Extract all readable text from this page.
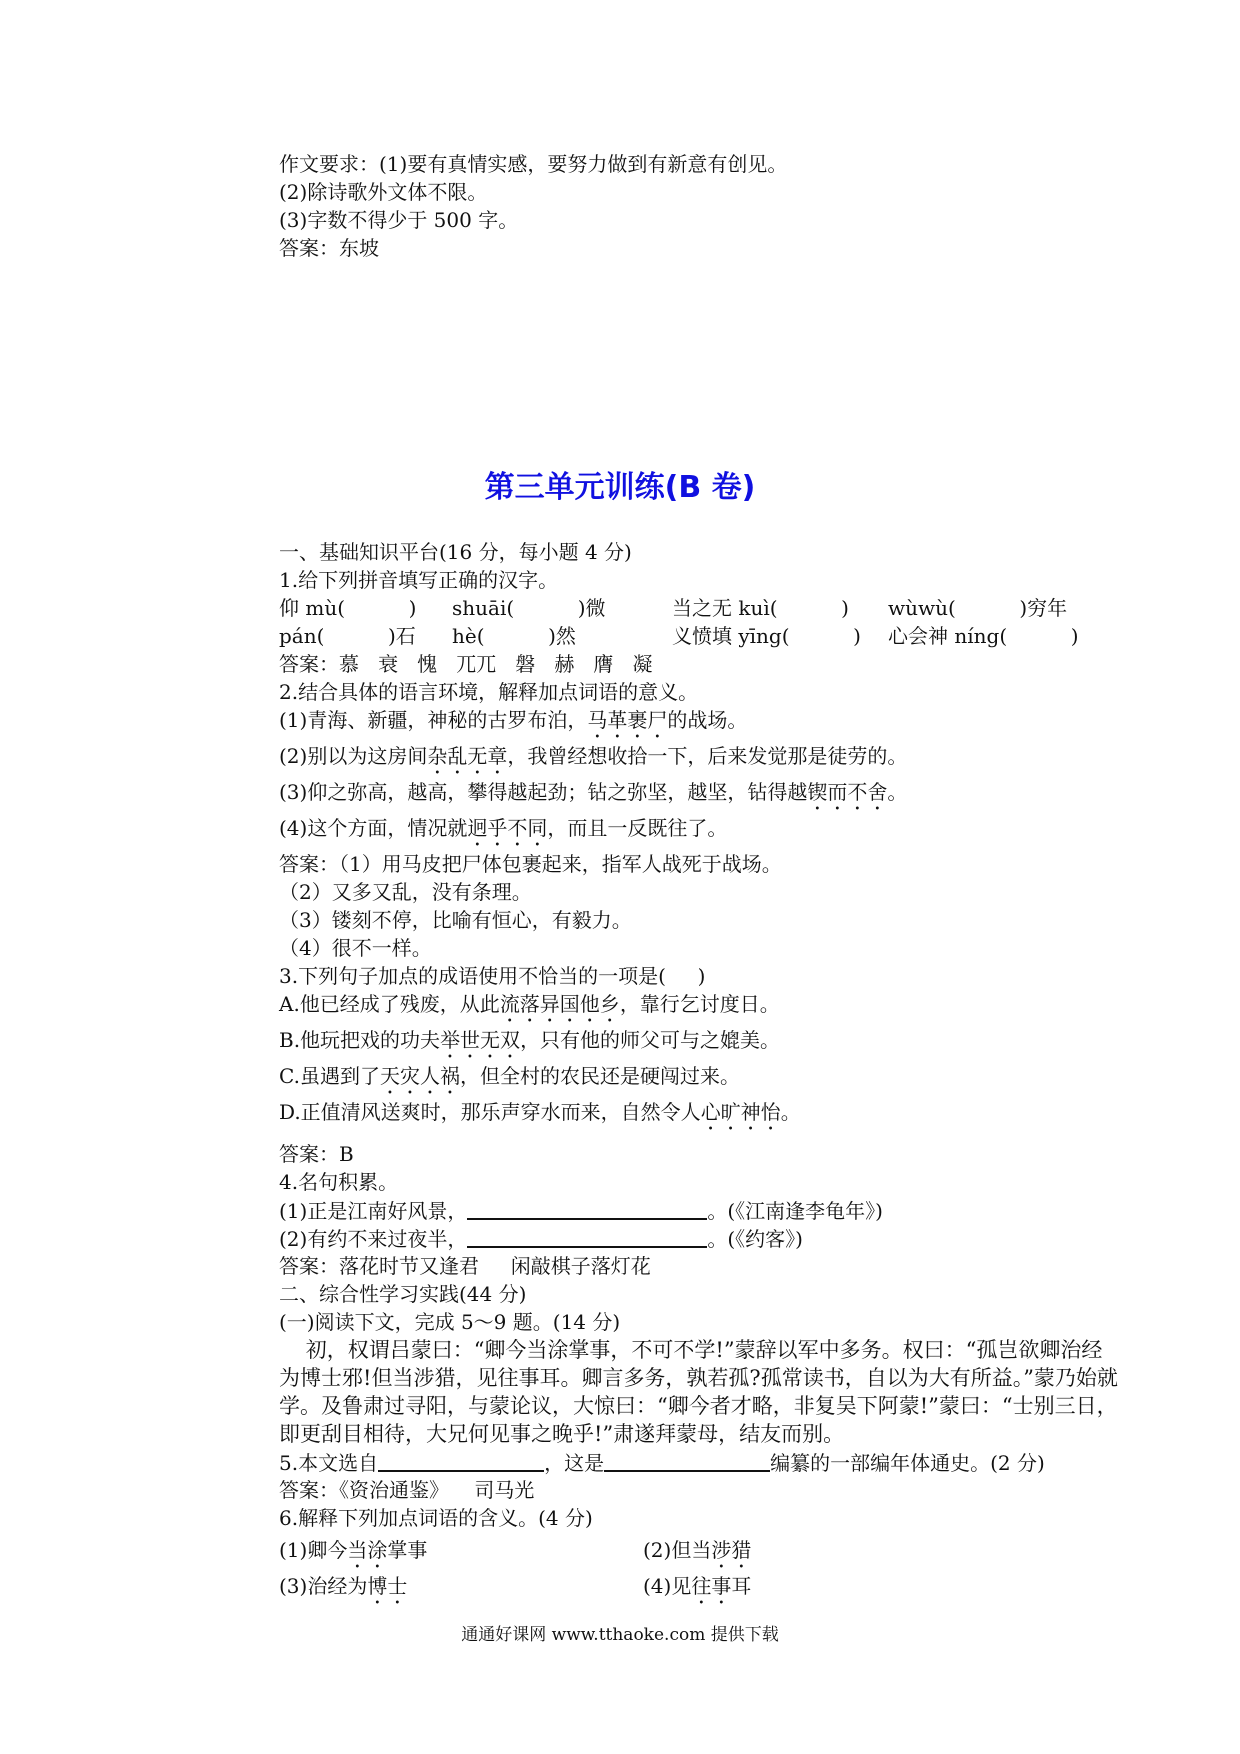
作文要求：(1)要有真情实感，要努力做到有新意有创见。
(2)除诗歌外文体不限。
(3)字数不得少于 500 字。
答案：东坡
第三单元训练(B 卷)
一、基础知识平台(16 分，每小题 4 分)
1.给下列拼音填写正确的汉字。
仰 mù(          ) shuāi(          )微	当之无 kuì(          ) wùwù(          )穷年
pán(          )石 hè(          )然	义愤填 yīng(          ) 心会神 níng(          )
答案：慕   衰   愧   兀兀   磐   赫   膺   凝
2.结合具体的语言环境，解释加点词语的意义。
(1)青海、新疆，神秘的古罗布泊，马革裹尸的战场。
(2)别以为这房间杂乱无章，我曾经想收拾一下，后来发觉那是徒劳的。
(3)仰之弥高，越高，攀得越起劲；钻之弥坚，越坚，钻得越锲而不舍。
(4)这个方面，情况就迥乎不同，而且一反既往了。
答案：（1）用马皮把尸体包裹起来，指军人战死于战场。
（2）又多又乱，没有条理。
（3）镂刻不停，比喻有恒心，有毅力。
（4）很不一样。
3.下列句子加点的成语使用不恰当的一项是(     )
A.他已经成了残废，从此流落异国他乡，靠行乞讨度日。
B.他玩把戏的功夫举世无双，只有他的师父可与之媲美。
C.虽遇到了天灾人祸，但全村的农民还是硬闯过来。
D.正值清风送爽时，那乐声穿水而来，自然令人心旷神怡。
答案：B
4.名句积累。
(1)正是江南好风景，	。(《江南逢李龟年》)
(2)有约不来过夜半，	。(《约客》)
答案：落花时节又逢君     闲敲棋子落灯花
二、综合性学习实践(44 分)
(一)阅读下文，完成 5～9 题。(14 分)
初，权谓吕蒙曰：“卿今当涂掌事，不可不学!”蒙辞以军中多务。权曰：“孤岂欲卿治经
为博士邪!但当涉猎，见往事耳。卿言多务，孰若孤?孤常读书，自以为大有所益。”蒙乃始就
学。及鲁肃过寻阳，与蒙论议，大惊曰：“卿今者才略，非复吴下阿蒙!”蒙曰：“士别三日，
即更刮目相待，大兄何见事之晚乎!”肃遂拜蒙母，结友而别。
5.本文选自	，这是	编纂的一部编年体通史。(2 分)
答案：《资治通鉴》    司马光
6.解释下列加点词语的含义。(4 分)
(1)卿今当涂掌事	(2)但当涉猎
(3)治经为博士	(4)见往事耳
通通好课网 www.tthaoke.com 提供下载
